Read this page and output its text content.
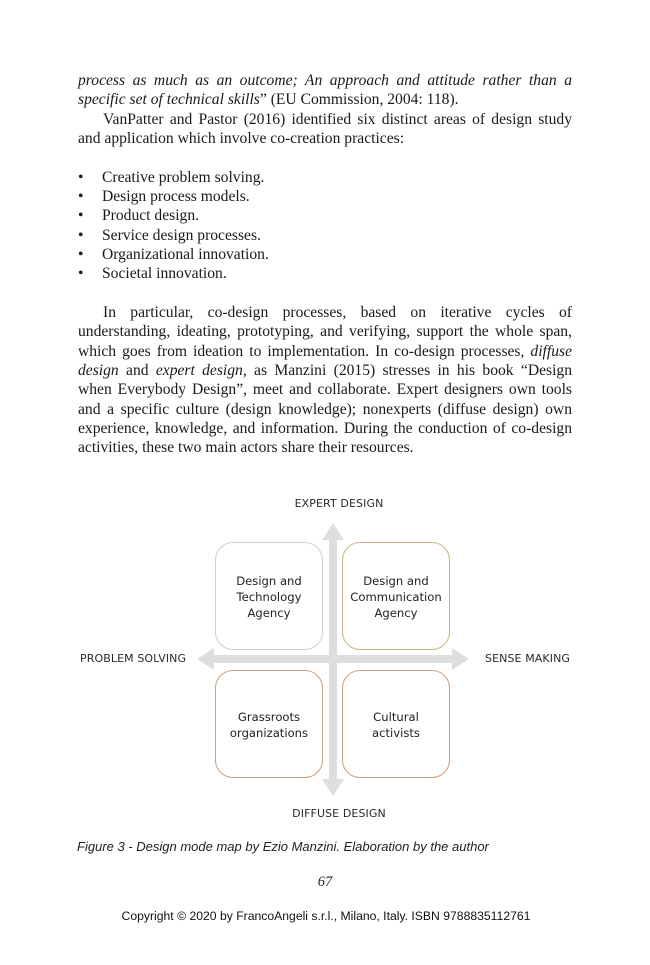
process as much as an outcome; An approach and attitude rather than a specific set of technical skills” (EU Commission, 2004: 118).

VanPatter and Pastor (2016) identified six distinct areas of design study and application which involve co-creation practices:

• Creative problem solving.
• Design process models.
• Product design.
• Service design processes.
• Organizational innovation.
• Societal innovation.
In particular, co-design processes, based on iterative cycles of understanding, ideating, prototyping, and verifying, support the whole span, which goes from ideation to implementation. In co-design processes, diffuse design and expert design, as Manzini (2015) stresses in his book “Design when Everybody Design”, meet and collaborate. Expert designers own tools and a specific culture (design knowledge); nonexperts (diffuse design) own experience, knowledge, and information. During the conduction of co-design activities, these two main actors share their resources.
EXPERT DESIGN
DIFFUSE DESIGN
PROBLEM SOLVING	SENSE MAKING
Design and
Technology
Agency
Design and
Communication
Agency
Grassroots
organizations
Cultural
activists
Figure 3 - Design mode map by Ezio Manzini. Elaboration by the author
67
Copyright © 2020 by FrancoAngeli s.r.l., Milano, Italy. ISBN 9788835112761
